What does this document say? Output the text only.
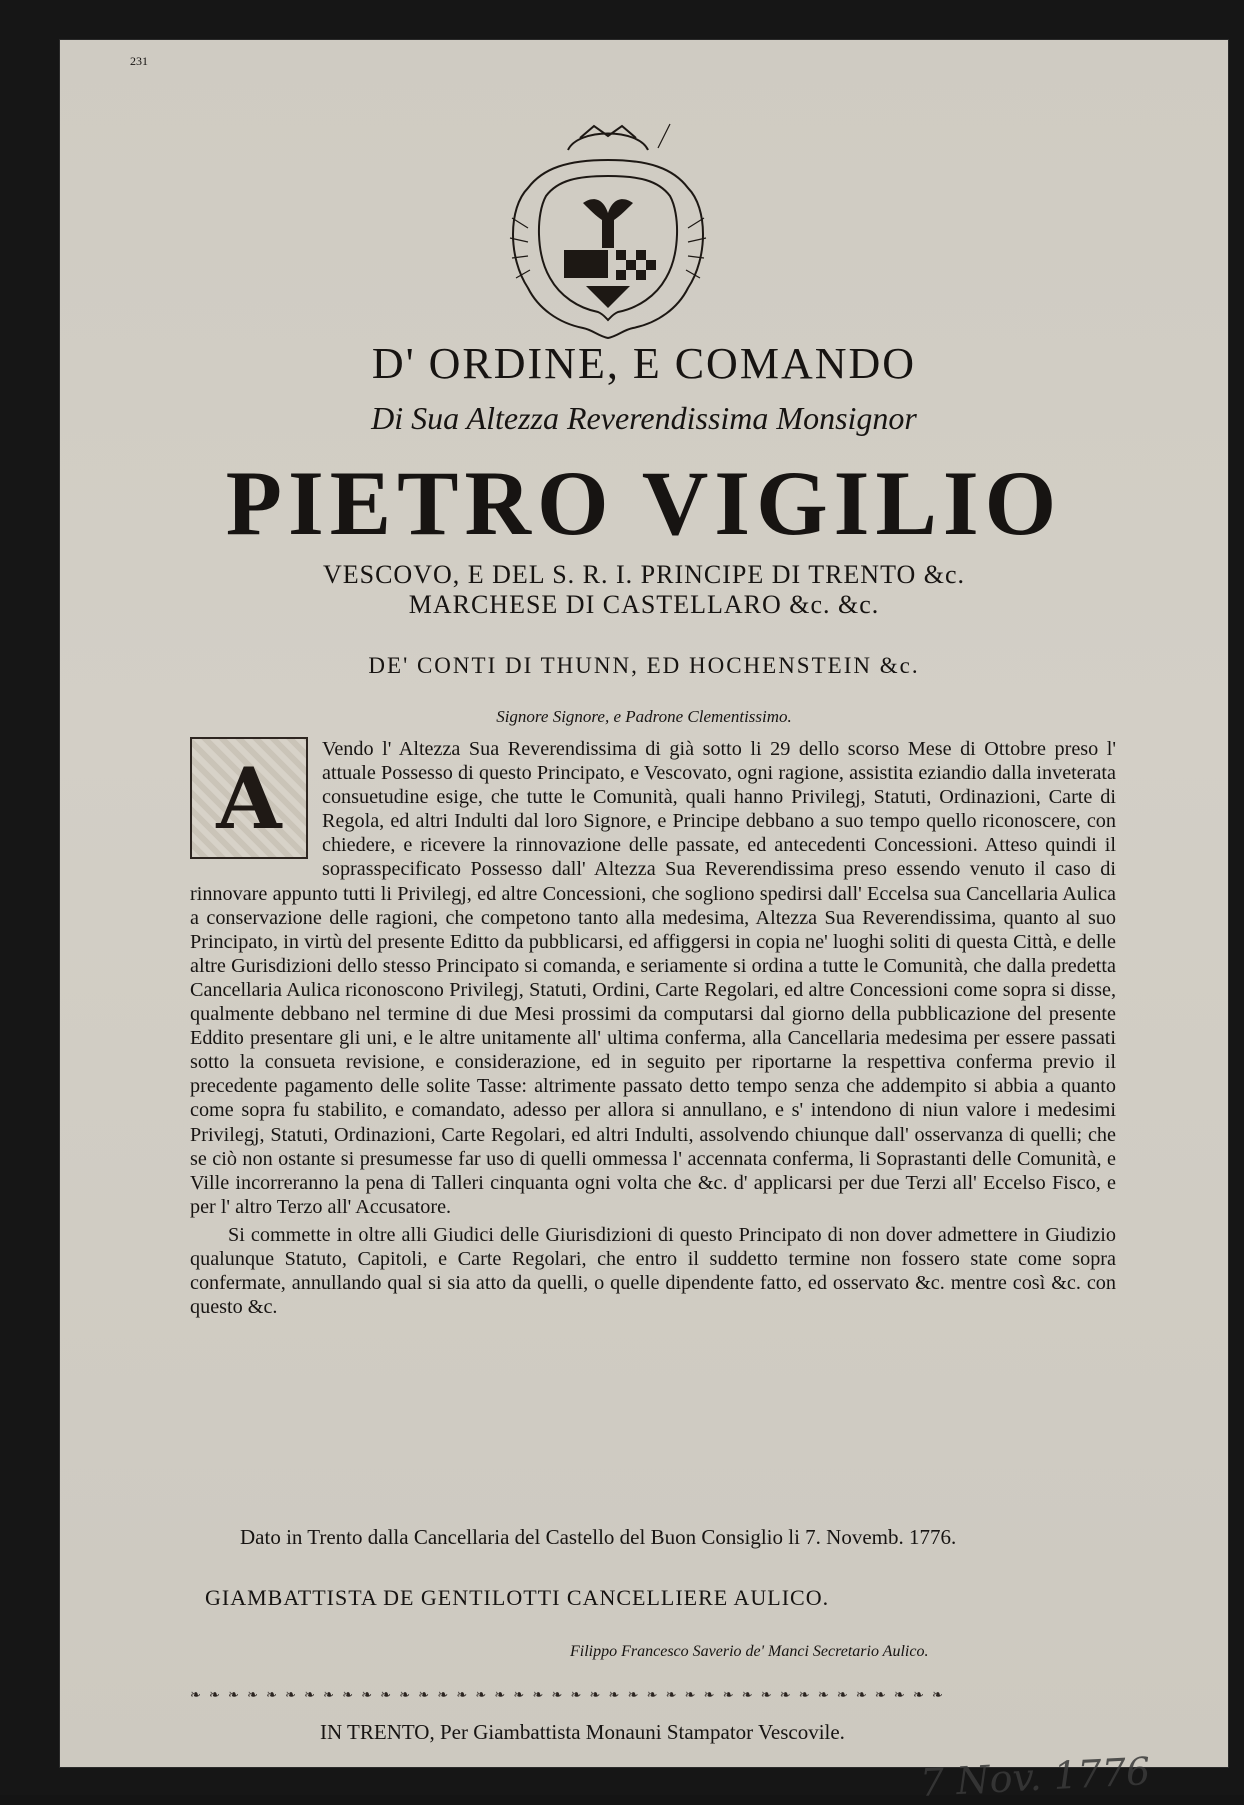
231
D' ORDINE, E COMANDO
Di Sua Altezza Reverendissima Monsignor
PIETRO VIGILIO
VESCOVO, E DEL S. R. I. PRINCIPE DI TRENTO &c.
MARCHESE DI CASTELLARO &c. &c.
DE' CONTI DI THUNN, ED HOCHENSTEIN &c.
Signore Signore, e Padrone Clementissimo.
A	Vendo l' Altezza Sua Reverendissima di già sotto li 29 dello scorso Mese di Ottobre preso l' attuale Possesso di questo Principato, e Vescovato, ogni ragione, assistita eziandio dalla inveterata consuetudine esige, che tutte le Comunità, quali hanno Privilegj, Statuti, Ordinazioni, Carte di Regola, ed altri Indulti dal loro Signore, e Principe debbano a suo tempo quello riconoscere, con chiedere, e ricevere la rinnovazione delle passate, ed antecedenti Concessioni. Atteso quindi il soprasspecificato Possesso dall' Altezza Sua Reverendissima preso essendo venuto il caso di rinnovare appunto tutti li Privilegj, ed altre Concessioni, che sogliono spedirsi dall' Eccelsa sua Cancellaria Aulica a conservazione delle ragioni, che competono tanto alla medesima, Altezza Sua Reverendissima, quanto al suo Principato, in virtù del presente Editto da pubblicarsi, ed affiggersi in copia ne' luoghi soliti di questa Città, e delle altre Gurisdizioni dello stesso Principato si comanda, e seriamente si ordina a tutte le Comunità, che dalla predetta Cancellaria Aulica riconoscono Privilegj, Statuti, Ordini, Carte Regolari, ed altre Concessioni come sopra si disse, qualmente debbano nel termine di due Mesi prossimi da computarsi dal giorno della pubblicazione del presente Eddito presentare gli uni, e le altre unitamente all' ultima conferma, alla Cancellaria medesima per essere passati sotto la consueta revisione, e considerazione, ed in seguito per riportarne la respettiva conferma previo il precedente pagamento delle solite Tasse: altrimente passato detto tempo senza che addempito si abbia a quanto come sopra fu stabilito, e comandato, adesso per allora si annullano, e s' intendono di niun valore i medesimi Privilegj, Statuti, Ordinazioni, Carte Regolari, ed altri Indulti, assolvendo chiunque dall' osservanza di quelli; che se ciò non ostante si presumesse far uso di quelli ommessa l' accennata conferma, li Soprastanti delle Comunità, e Ville incorreranno la pena di Talleri cinquanta ogni volta che &c. d' applicarsi per due Terzi all' Eccelso Fisco, e per l' altro Terzo all' Accusatore.

Si commette in oltre alli Giudici delle Giurisdizioni di questo Principato di non dover admettere in Giudizio qualunque Statuto, Capitoli, e Carte Regolari, che entro il suddetto termine non fossero state come sopra confermate, annullando qual si sia atto da quelli, o quelle dipendente fatto, ed osservato &c. mentre così &c. con questo &c.

Dato in Trento dalla Cancellaria del Castello del Buon Consiglio li 7. Novemb. 1776.
GIAMBATTISTA DE GENTILOTTI CANCELLIERE AULICO.
Filippo Francesco Saverio de' Manci Secretario Aulico.
❧ ❧ ❧ ❧ ❧ ❧ ❧ ❧ ❧ ❧ ❧ ❧ ❧ ❧ ❧ ❧ ❧ ❧ ❧ ❧ ❧ ❧ ❧ ❧ ❧ ❧ ❧ ❧ ❧ ❧ ❧ ❧ ❧ ❧ ❧ ❧ ❧ ❧ ❧ ❧
IN TRENTO, Per Giambattista Monauni Stampator Vescovile.
7 Nov. 1776
